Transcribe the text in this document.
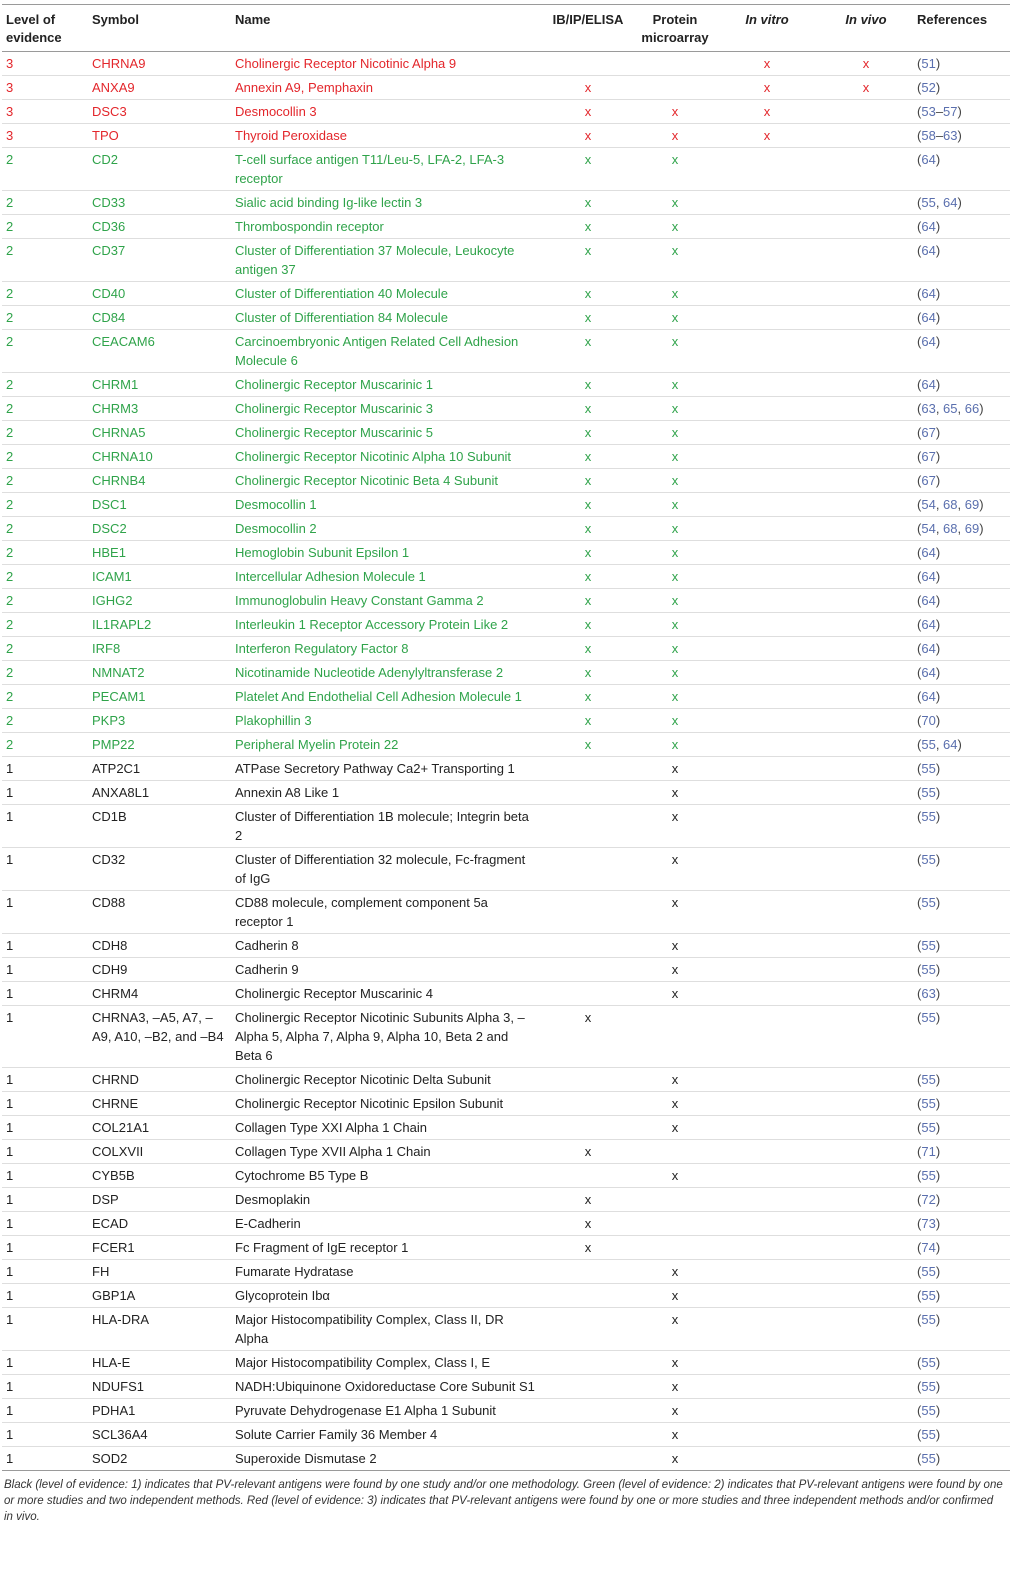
Level of evidence	Symbol	Name	IB/IP/ELISA	Protein microarray	In vitro	In vivo	References
3	CHRNA9	Cholinergic Receptor Nicotinic Alpha 9			x	x	(51)
3	ANXA9	Annexin A9, Pemphaxin	x		x	x	(52)
3	DSC3	Desmocollin 3	x	x	x		(53–57)
3	TPO	Thyroid Peroxidase	x	x	x		(58–63)
2	CD2	T-cell surface antigen T11/Leu-5, LFA-2, LFA-3 receptor	x	x			(64)
2	CD33	Sialic acid binding Ig-like lectin 3	x	x			(55, 64)
2	CD36	Thrombospondin receptor	x	x			(64)
2	CD37	Cluster of Differentiation 37 Molecule, Leukocyte antigen 37	x	x			(64)
2	CD40	Cluster of Differentiation 40 Molecule	x	x			(64)
2	CD84	Cluster of Differentiation 84 Molecule	x	x			(64)
2	CEACAM6	Carcinoembryonic Antigen Related Cell Adhesion Molecule 6	x	x			(64)
2	CHRM1	Cholinergic Receptor Muscarinic 1	x	x			(64)
2	CHRM3	Cholinergic Receptor Muscarinic 3	x	x			(63, 65, 66)
2	CHRNA5	Cholinergic Receptor Muscarinic 5	x	x			(67)
2	CHRNA10	Cholinergic Receptor Nicotinic Alpha 10 Subunit	x	x			(67)
2	CHRNB4	Cholinergic Receptor Nicotinic Beta 4 Subunit	x	x			(67)
2	DSC1	Desmocollin 1	x	x			(54, 68, 69)
2	DSC2	Desmocollin 2	x	x			(54, 68, 69)
2	HBE1	Hemoglobin Subunit Epsilon 1	x	x			(64)
2	ICAM1	Intercellular Adhesion Molecule 1	x	x			(64)
2	IGHG2	Immunoglobulin Heavy Constant Gamma 2	x	x			(64)
2	IL1RAPL2	Interleukin 1 Receptor Accessory Protein Like 2	x	x			(64)
2	IRF8	Interferon Regulatory Factor 8	x	x			(64)
2	NMNAT2	Nicotinamide Nucleotide Adenylyltransferase 2	x	x			(64)
2	PECAM1	Platelet And Endothelial Cell Adhesion Molecule 1	x	x			(64)
2	PKP3	Plakophillin 3	x	x			(70)
2	PMP22	Peripheral Myelin Protein 22	x	x			(55, 64)
1	ATP2C1	ATPase Secretory Pathway Ca2+ Transporting 1		x			(55)
1	ANXA8L1	Annexin A8 Like 1		x			(55)
1	CD1B	Cluster of Differentiation 1B molecule; Integrin beta 2		x			(55)
1	CD32	Cluster of Differentiation 32 molecule, Fc-fragment of IgG		x			(55)
1	CD88	CD88 molecule, complement component 5a receptor 1		x			(55)
1	CDH8	Cadherin 8		x			(55)
1	CDH9	Cadherin 9		x			(55)
1	CHRM4	Cholinergic Receptor Muscarinic 4		x			(63)
1	CHRNA3, –A5, A7, –A9, A10, –B2, and –B4	Cholinergic Receptor Nicotinic Subunits Alpha 3, –Alpha 5, Alpha 7, Alpha 9, Alpha 10, Beta 2 and Beta 6	x				(55)
1	CHRND	Cholinergic Receptor Nicotinic Delta Subunit		x			(55)
1	CHRNE	Cholinergic Receptor Nicotinic Epsilon Subunit		x			(55)
1	COL21A1	Collagen Type XXI Alpha 1 Chain		x			(55)
1	COLXVII	Collagen Type XVII Alpha 1 Chain	x				(71)
1	CYB5B	Cytochrome B5 Type B		x			(55)
1	DSP	Desmoplakin	x				(72)
1	ECAD	E-Cadherin	x				(73)
1	FCER1	Fc Fragment of IgE receptor 1	x				(74)
1	FH	Fumarate Hydratase		x			(55)
1	GBP1A	Glycoprotein Ibα		x			(55)
1	HLA-DRA	Major Histocompatibility Complex, Class II, DR Alpha		x			(55)
1	HLA-E	Major Histocompatibility Complex, Class I, E		x			(55)
1	NDUFS1	NADH:Ubiquinone Oxidoreductase Core Subunit S1		x			(55)
1	PDHA1	Pyruvate Dehydrogenase E1 Alpha 1 Subunit		x			(55)
1	SCL36A4	Solute Carrier Family 36 Member 4		x			(55)
1	SOD2	Superoxide Dismutase 2		x			(55)
Black (level of evidence: 1) indicates that PV-relevant antigens were found by one study and/or one methodology. Green (level of evidence: 2) indicates that PV-relevant antigens were found by one or more studies and two independent methods. Red (level of evidence: 3) indicates that PV-relevant antigens were found by one or more studies and three independent methods and/or confirmed in vivo.
